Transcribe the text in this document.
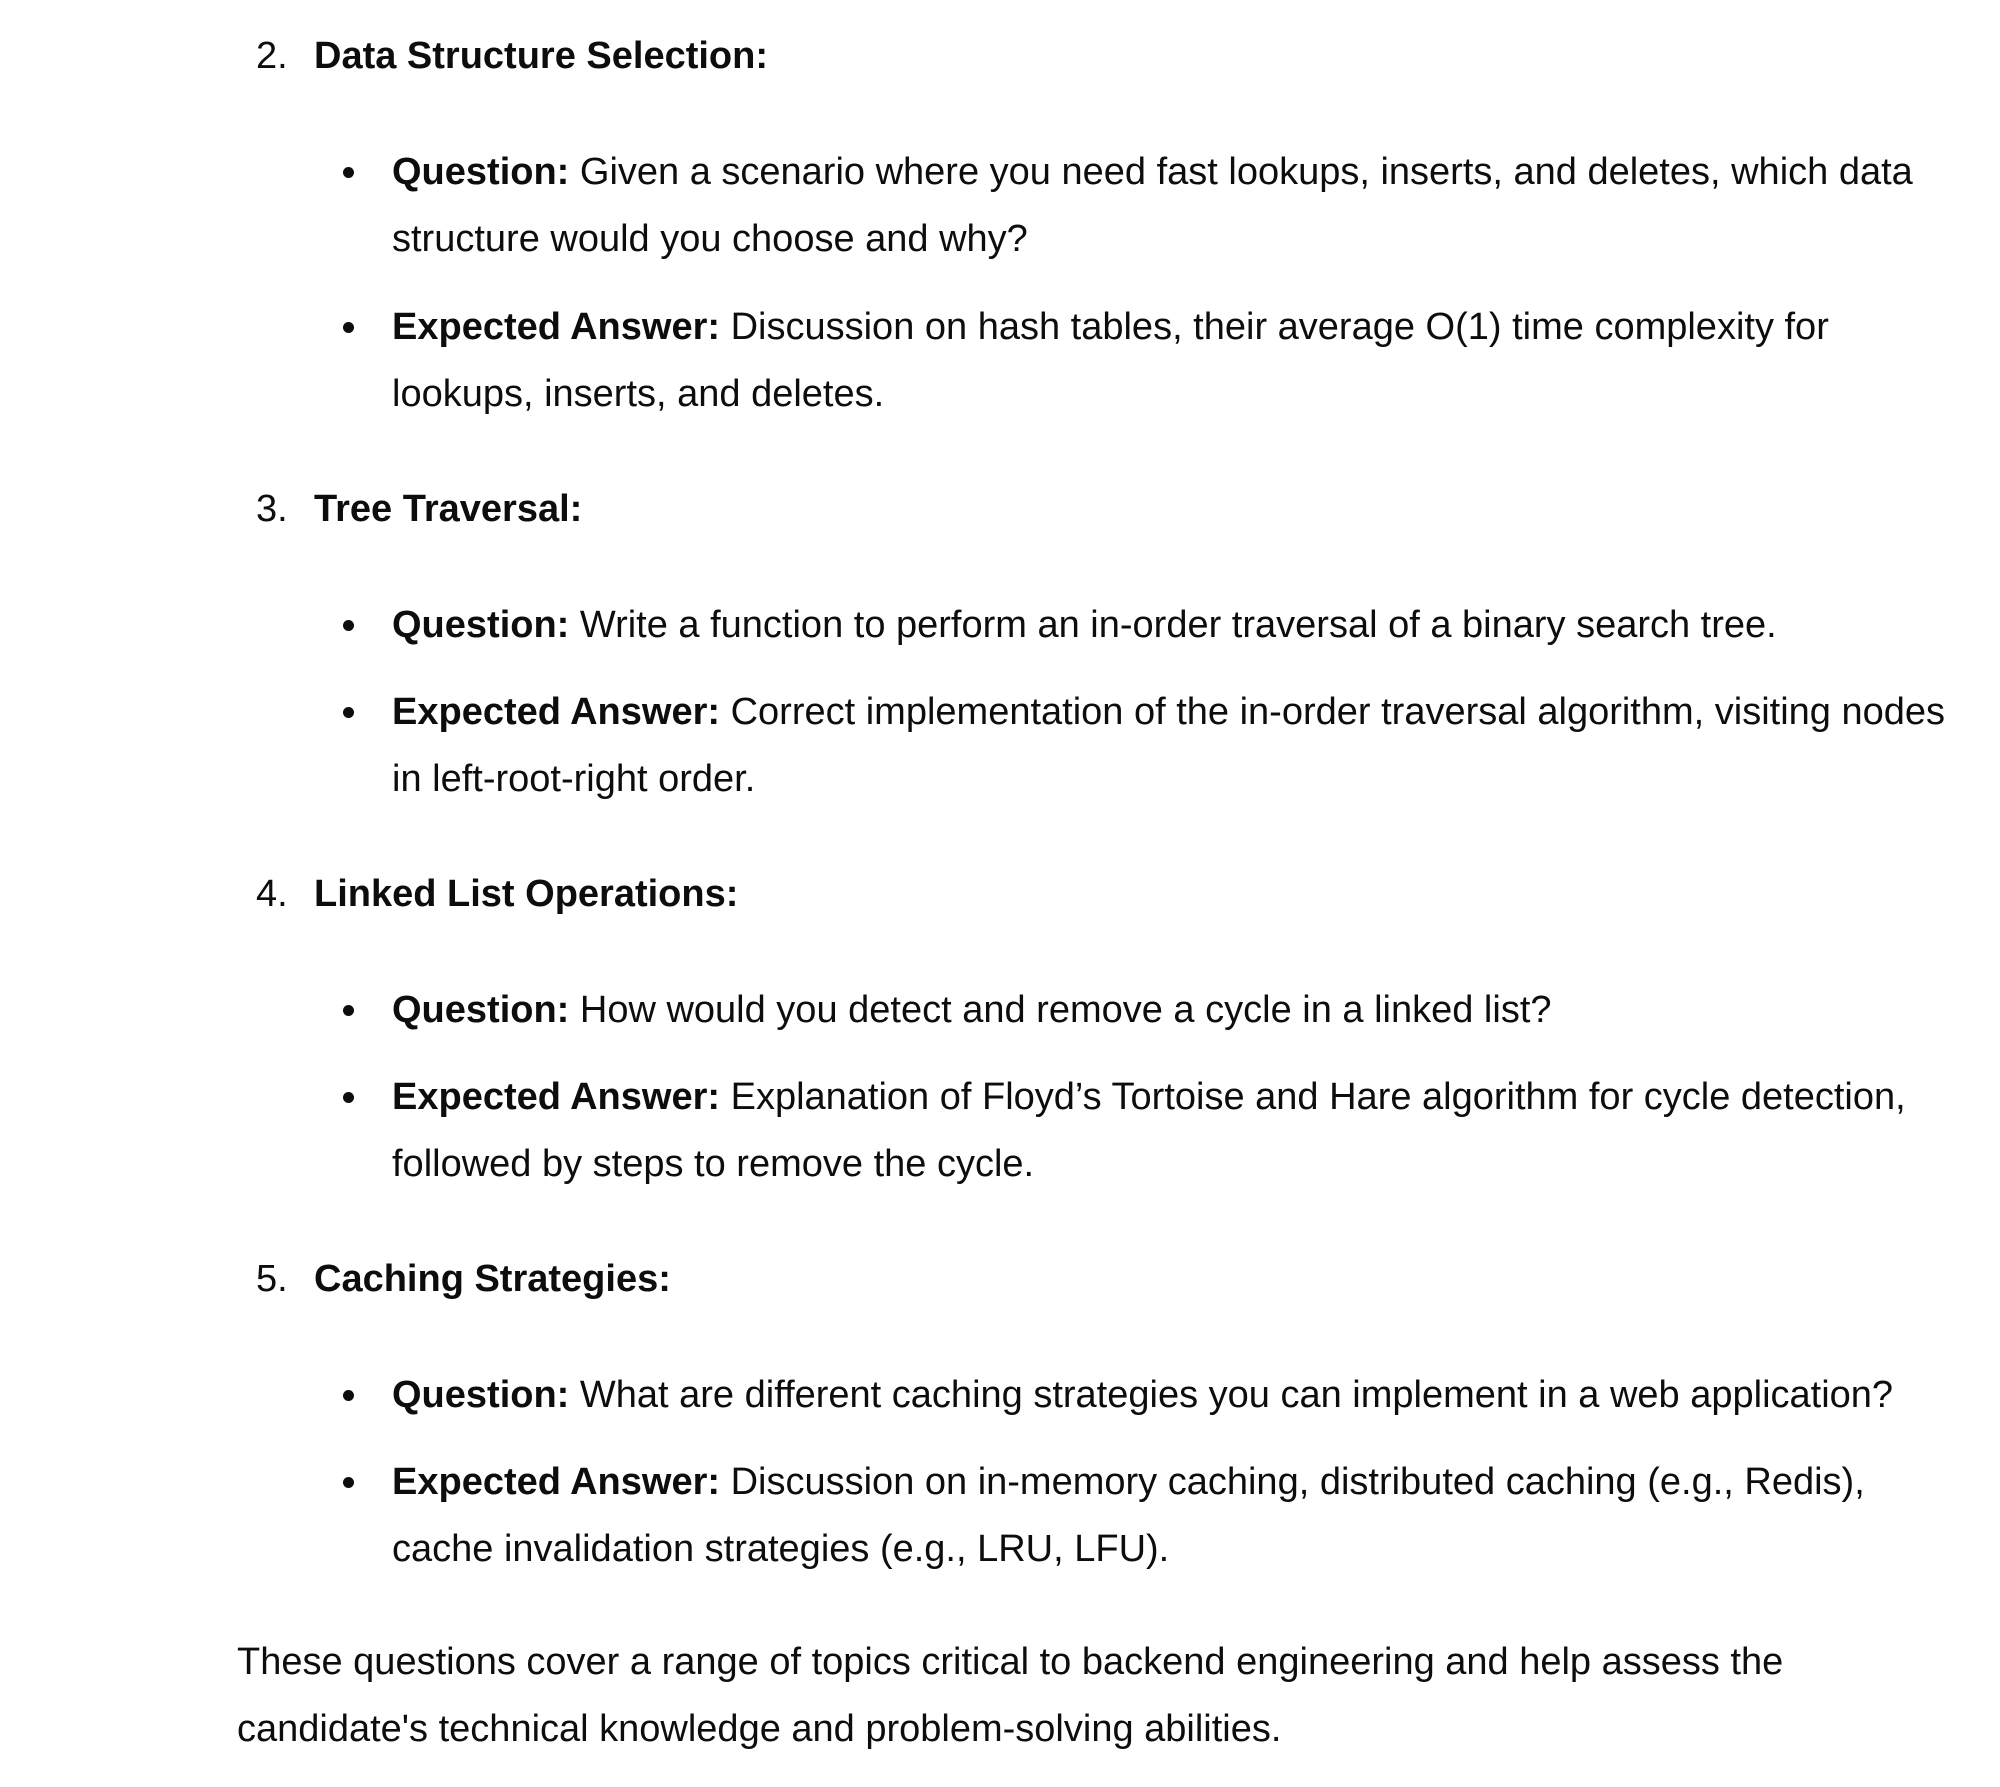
2. Data Structure Selection:
Question: Given a scenario where you need fast lookups, inserts, and deletes, which data structure would you choose and why?
Expected Answer: Discussion on hash tables, their average O(1) time complexity for lookups, inserts, and deletes.
3. Tree Traversal:
Question: Write a function to perform an in-order traversal of a binary search tree.
Expected Answer: Correct implementation of the in-order traversal algorithm, visiting nodes in left-root-right order.
4. Linked List Operations:
Question: How would you detect and remove a cycle in a linked list?
Expected Answer: Explanation of Floyd’s Tortoise and Hare algorithm for cycle detection, followed by steps to remove the cycle.
5. Caching Strategies:
Question: What are different caching strategies you can implement in a web application?
Expected Answer: Discussion on in-memory caching, distributed caching (e.g., Redis), cache invalidation strategies (e.g., LRU, LFU).

These questions cover a range of topics critical to backend engineering and help assess the candidate's technical knowledge and problem-solving abilities.
